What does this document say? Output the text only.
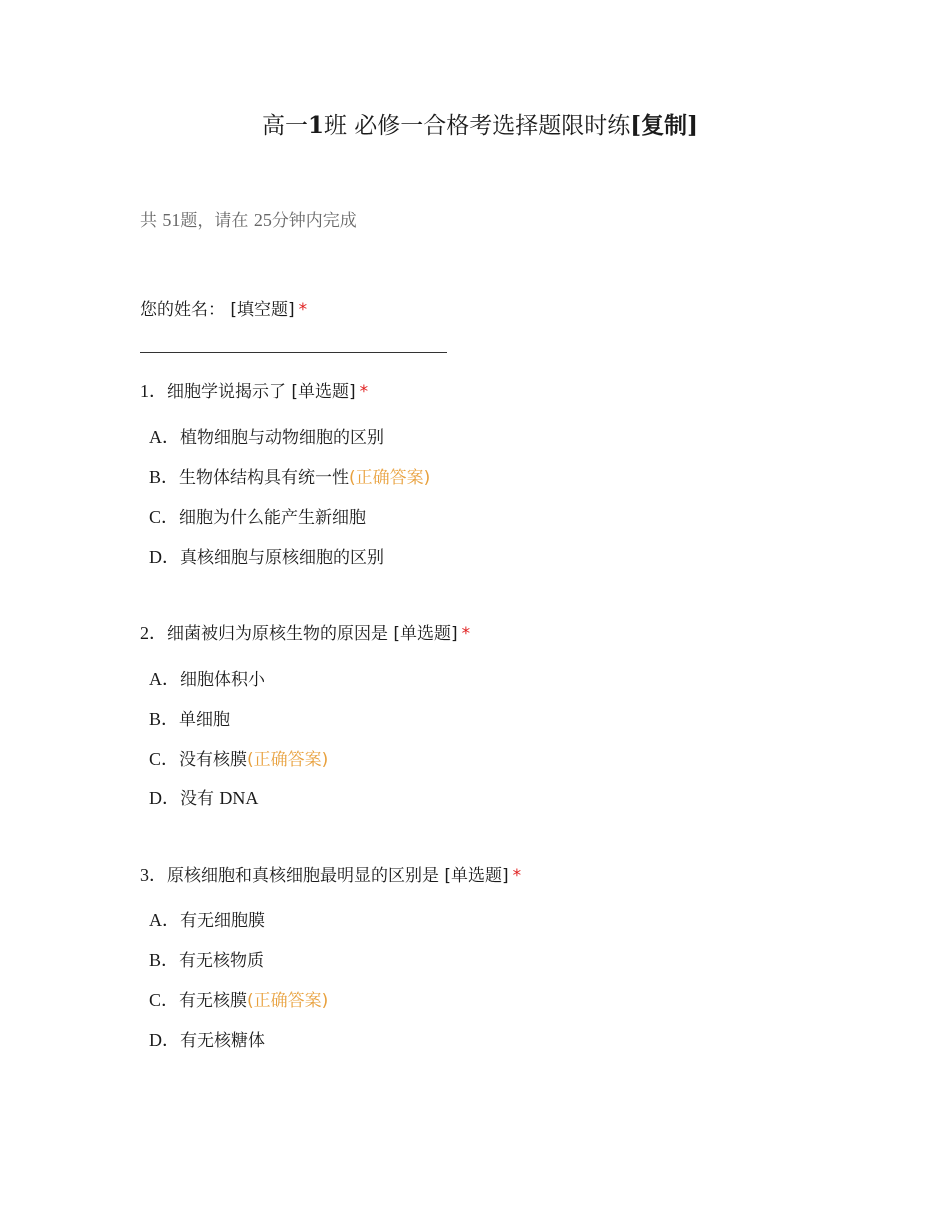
高一1班 必修一合格考选择题限时练[复制]
共 51题，请在 25分钟内完成
您的姓名： [填空题] *
1．细胞学说揭示了 [单选题] *
A．植物细胞与动物细胞的区别
B．生物体结构具有统一性(正确答案)
C．细胞为什么能产生新细胞
D．真核细胞与原核细胞的区别
2．细菌被归为原核生物的原因是 [单选题] *
A．细胞体积小
B．单细胞
C．没有核膜(正确答案)
D．没有 DNA
3．原核细胞和真核细胞最明显的区别是 [单选题] *
A．有无细胞膜
B．有无核物质
C．有无核膜(正确答案)
D．有无核糖体
